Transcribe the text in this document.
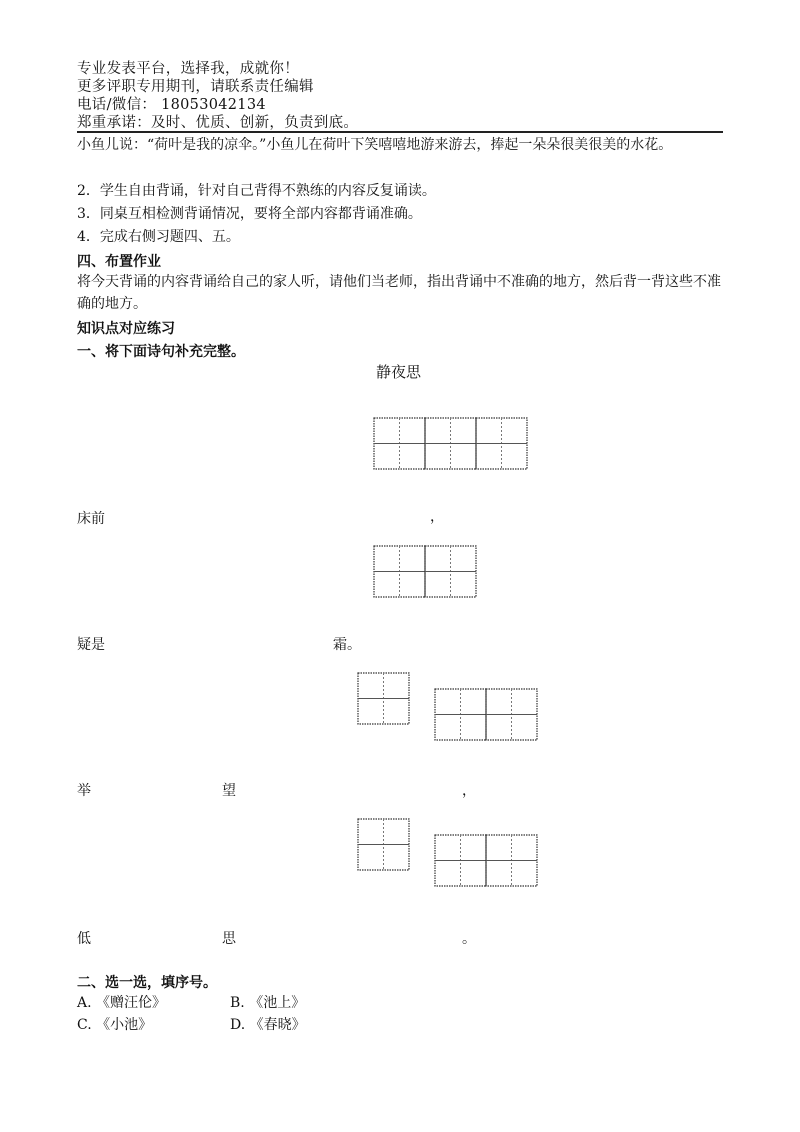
专业发表平台，选择我，成就你！
更多评职专用期刊，请联系责任编辑
电话/微信： 18053042134
郑重承诺：及时、优质、创新，负责到底。
小鱼儿说：“荷叶是我的凉伞。”小鱼儿在荷叶下笑嘻嘻地游来游去，捧起一朵朵很美很美的水花。
2．学生自由背诵，针对自己背得不熟练的内容反复诵读。
3．同桌互相检测背诵情况，要将全部内容都背诵准确。
4．完成右侧习题四、五。
四、布置作业
将今天背诵的内容背诵给自己的家人听，请他们当老师，指出背诵中不准确的地方，然后背一背这些不准确的地方。
知识点对应练习
一、将下面诗句补充完整。
静夜思
床前	，
疑是	霜。
举	望	，
低	思	。
二、选一选，填序号。
A. 《赠汪伦》	B. 《池上》
C. 《小池》	D. 《春晓》
